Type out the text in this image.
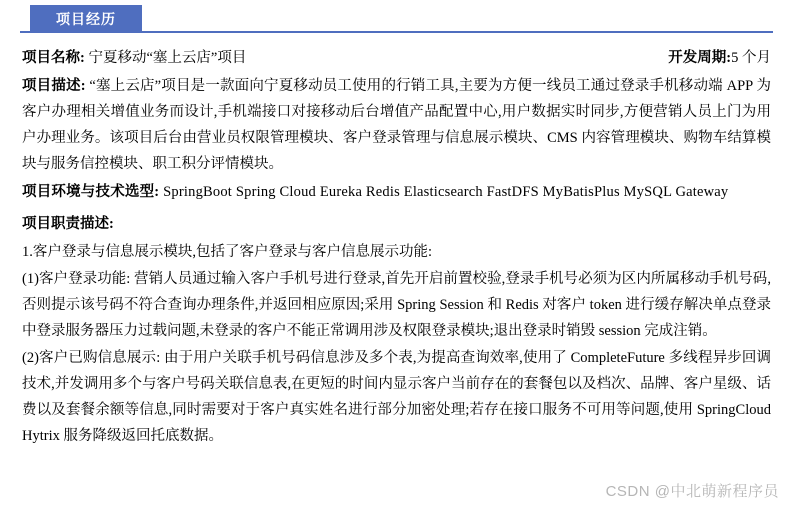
项目经历
项目名称: 宁夏移动“塞上云店”项目	开发周期:5 个月

项目描述: “塞上云店”项目是一款面向宁夏移动员工使用的行销工具,主要为方便一线员工通过登录手机移动端 APP 为客户办理相关增值业务而设计,手机端接口对接移动后台增值产品配置中心,用户数据实时同步,方便营销人员上门为用户办理业务。该项目后台由营业员权限管理模块、客户登录管理与信息展示模块、CMS 内容管理模块、购物车结算模块与服务信控模块、职工积分评情模块。

项目环境与技术选型: SpringBoot Spring Cloud Eureka Redis Elasticsearch FastDFS MyBatisPlus MySQL Gateway

项目职责描述:

1.客户登录与信息展示模块,包括了客户登录与客户信息展示功能:

(1)客户登录功能: 营销人员通过输入客户手机号进行登录,首先开启前置校验,登录手机号必须为区内所属移动手机号码,否则提示该号码不符合查询办理条件,并返回相应原因;采用 Spring Session 和 Redis 对客户 token 进行缓存解决单点登录中登录服务器压力过载问题,未登录的客户不能正常调用涉及权限登录模块;退出登录时销毁 session 完成注销。

(2)客户已购信息展示: 由于用户关联手机号码信息涉及多个表,为提高查询效率,使用了 CompleteFuture 多线程异步回调技术,并发调用多个与客户号码关联信息表,在更短的时间内显示客户当前存在的套餐包以及档次、品牌、客户星级、话费以及套餐余额等信息,同时需要对于客户真实姓名进行部分加密处理;若存在接口服务不可用等问题,使用 SpringCloud Hytrix 服务降级返回托底数据。

CSDN @中北萌新程序员
